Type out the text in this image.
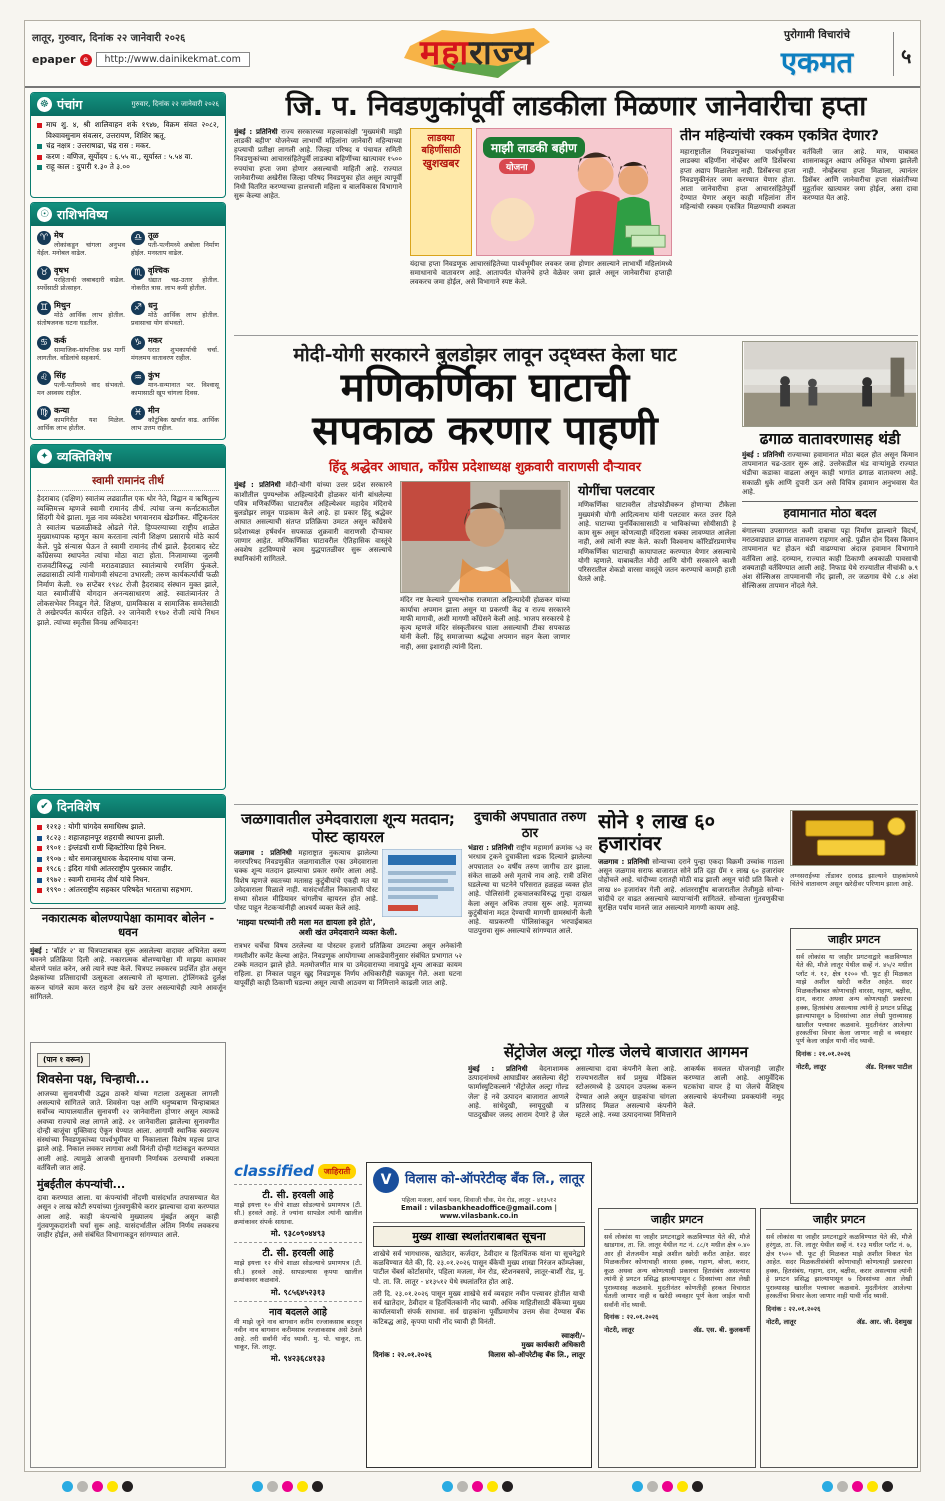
लातूर, गुरुवार, दिनांक २२ जानेवारी २०२६
epaper e	http://www.dainikekmat.com	महाराज्य	पुरोगामी विचारांचे
एकमत	५
☸ पंचांग	गुरुवार, दिनांक २२ जानेवारी २०२६

माघ शु. ४, श्री शालिवाहन शके १९४७, विक्रम संवत २०८२, विश्वावसुनाम संवत्सर, उत्तरायण, शिशिर ऋतू.

चंद्र नक्षत्र : उत्तराषाढा, चंद्र रास : मकर.

करण : वणिज, सूर्योदय : ६.५५ वा., सूर्यास्त : ५.५४ वा.

राहू काल : दुपारी १.३० ते ३.००

☉ राशिभविष्य
♈ मेष
लोकांकडून चांगला अनुभव येईल. मनोबल वाढेल.
♎ तूळ
पती-पत्नीमध्ये अबोला निर्माण होईल. मनस्ताप वाढेल.
♉ वृषभ
परहिताची जबाबदारी वाढेल. स्पर्धेसाठी प्रोत्साहन.
♏ वृश्चिक
धंद्यात चढ-उतार होतील. नोकरीत त्रास. लाभ कमी होतील.
♊ मिथुन
मोठे आर्थिक लाभ होतील. संतोषजनक घटना घडतील.
♐ धनु
मोठे आर्थिक लाभ होतील. प्रवासाचा योग संभवतो.
♋ कर्क
सामाजिक-सांपत्तिक प्रश्न मार्गी लागतील. वडिलांचे सहकार्य.
♑ मकर
घरात शुभकार्याची चर्चा. मंगलमय वातावरण राहील.
♌ सिंह
पत्नी-पतीमध्ये वाद संभवतो. मन अस्वस्थ राहील.
♒ कुंभ
मान-सन्मानात भर. विश्वासू कामासाठी खूप चांगला दिवस.
♍ कन्या
कामगिरीत यश मिळेल. आर्थिक लाभ होतील.
♓ मीन
कौटुंबिक खर्चात वाढ. आर्थिक लाभ उत्तम राहील.
✦ व्यक्तिविशेष
स्वामी रामानंद तीर्थ

हैदराबाद (दक्षिण) स्वातंत्र्य लढ्यातील एक थोर नेते, विद्वान व ऋषितुल्य व्यक्तिमत्त्व म्हणजे स्वामी रामानंद तीर्थ. त्यांचा जन्म कर्नाटकातील सिंदगी येथे झाला. मूळ नाव व्यंकटेश भगवानराव खेडगीकर. मॅट्रिकनंतर ते स्वातंत्र्य चळवळीकडे ओढले गेले. हिप्परग्याच्या राष्ट्रीय शाळेत मुख्याध्यापक म्हणून काम करताना त्यांनी शिक्षण प्रसाराचे मोठे कार्य केले. पुढे संन्यास घेऊन ते स्वामी रामानंद तीर्थ झाले. हैदराबाद स्टेट काँग्रेसच्या स्थापनेत त्यांचा मोठा वाटा होता. निजामाच्या जुलमी राजवटीविरुद्ध त्यांनी मराठवाड्यात स्वातंत्र्याचे रणशिंग फुंकले. लढ्यासाठी त्यांनी गावोगावी संघटना उभारली; तरुण कार्यकर्त्यांची फळी निर्माण केली. १७ सप्टेंबर १९४८ रोजी हैदराबाद संस्थान मुक्त झाले, यात स्वामीजींचे योगदान अनन्यसाधारण आहे. स्वातंत्र्यानंतर ते लोकसभेवर निवडून गेले. शिक्षण, ग्रामविकास व सामाजिक समतेसाठी ते अखेरपर्यंत कार्यरत राहिले. २२ जानेवारी १९७२ रोजी त्यांचे निधन झाले. त्यांच्या स्मृतीस विनम्र अभिवादन!

✔ दिनविशेष

१२१३ : योगी चांगदेव समाधिस्थ झाले.

१८२३ : शहाजहानपूर शहराची स्थापना झाली.

१९०१ : इंग्लंडची राणी व्हिक्टोरिया हिचे निधन.

१९०७ : थोर समाजसुधारक केदारनाथ यांचा जन्म.

१९८६ : इंदिरा गांधी आंतरराष्ट्रीय पुरस्कार जाहीर.

१९७२ : स्वामी रामानंद तीर्थ यांचे निधन.

१९९० : आंतरराष्ट्रीय सहकार परिषदेत भारताचा सहभाग.

नकारात्मक बोलण्यापेक्षा कामावर बोलेन - धवन

मुंबई : 'बॉर्डर २' या चित्रपटाबाबत सुरू असलेल्या वादावर अभिनेता वरुण धवनने प्रतिक्रिया दिली आहे. नकारात्मक बोलण्यापेक्षा मी माझ्या कामावर बोलणे पसंत करेन, असे त्याने स्पष्ट केले. चित्रपट लवकरच प्रदर्शित होत असून प्रेक्षकांच्या प्रतिसादाची उत्सुकता असल्याचे तो म्हणाला. ट्रोलिंगकडे दुर्लक्ष करून चांगले काम करत राहणे हेच खरे उत्तर असल्याचेही त्याने आवर्जून सांगितले.

(पान १ वरून)
शिवसेना पक्ष, चिन्हाची...

आजच्या सुनावणीची उद्धव ठाकरे यांच्या गटाला उत्सुकता लागली असल्याचे सांगितले जाते. शिवसेना पक्ष आणि धनुष्यबाण चिन्हाबाबत सर्वोच्च न्यायालयातील सुनावणी २२ जानेवारीला होणार असून त्याकडे अवघ्या राज्याचे लक्ष लागले आहे. २१ जानेवारीला झालेल्या सुनावणीत दोन्ही बाजूंचा युक्तिवाद ऐकून घेण्यात आला. आगामी स्थानिक स्वराज्य संस्थांच्या निवडणुकांच्या पार्श्वभूमीवर या निकालाला विशेष महत्त्व प्राप्त झाले आहे. निकाल लवकर लागावा अशी विनंती दोन्ही गटांकडून करण्यात आली आहे. त्यामुळे आजची सुनावणी निर्णायक ठरण्याची शक्यता वर्तविली जात आहे.

मुंबईतील कंपन्यांची...

दावा करण्यात आला. या कंपन्यांची नोंदणी यासंदर्भात तपासण्यात येत असून २ लाख कोटी रुपयांच्या गुंतवणुकीचे करार झाल्याचा दावा करण्यात आला आहे. काही कंपन्यांचे मुख्यालय मुंबईत असून काही गुंतवणूकदारांशी चर्चा सुरू आहे. यासंदर्भातील अंतिम निर्णय लवकरच जाहीर होईल, असे संबंधित विभागाकडून सांगण्यात आले.

जि. प. निवडणुकांपूर्वी लाडकीला मिळणार जानेवारीचा हप्ता

मुंबई : प्रतिनिधी राज्य सरकारच्या महत्त्वाकांक्षी 'मुख्यमंत्री माझी लाडकी बहीण' योजनेच्या लाभार्थी महिलांना जानेवारी महिन्याच्या हप्त्याची प्रतीक्षा लागली आहे. जिल्हा परिषद व पंचायत समिती निवडणुकांच्या आचारसंहितेपूर्वी लाडक्या बहिणींच्या खात्यावर १५०० रुपयांचा हप्ता जमा होणार असल्याची माहिती आहे. राज्यात जानेवारीच्या अखेरीस जिल्हा परिषद निवडणुका होत असून त्यापूर्वी निधी वितरित करण्याच्या हालचाली महिला व बालविकास विभागाने सुरू केल्या आहेत.

लाडक्या बहिणींसाठी
खुशखबर
माझी लाडकी बहीण
योजना

यंदाचा हप्ता निवडणूक आचारसंहितेच्या पार्श्वभूमीवर लवकर जमा होणार असल्याने लाभार्थी महिलांमध्ये समाधानाचे वातावरण आहे. आतापर्यंत योजनेचे हप्ते वेळेवर जमा झाले असून जानेवारीचा हप्ताही लवकरच जमा होईल, असे विभागाने स्पष्ट केले.

तीन महिन्यांची रक्कम एकत्रित देणार?

महाराष्ट्रातील निवडणुकांच्या पार्श्वभूमीवर लाडक्या बहिणींना नोव्हेंबर आणि डिसेंबरचा हप्ता अद्याप मिळालेला नाही. डिसेंबरचा हप्ता निवडणुकीनंतर जमा करण्यात येणार होता. आता जानेवारीचा हप्ता आचारसंहितेपूर्वी देण्यात येणार असून काही महिलांना तीन महिन्यांची रक्कम एकत्रित मिळण्याची शक्यता वर्तविली जात आहे. मात्र, याबाबत शासनाकडून अद्याप अधिकृत घोषणा झालेली नाही. नोव्हेंबरचा हप्ता मिळाला, त्यानंतर डिसेंबर आणि जानेवारीचा हप्ता संक्रांतीच्या मुहूर्तावर खात्यावर जमा होईल, असा दावा करण्यात येत आहे.

मोदी-योगी सरकारने बुलडोझर लावून उद्ध्वस्त केला घाट
मणिकर्णिका घाटाची
सपकाळ करणार पाहणी
हिंदू श्रद्धेवर आघात, काँग्रेस प्रदेशाध्यक्ष शुक्रवारी वाराणसी दौऱ्यावर

मुंबई : प्रतिनिधी मोदी-योगी यांच्या उत्तर प्रदेश सरकारने काशीतील पुण्यश्लोक अहिल्यादेवी होळकर यांनी बांधलेल्या पवित्र मणिकर्णिका घाटावरील अहिल्येश्वर महादेव मंदिराचे बुलडोझर लावून पाडकाम केले आहे. हा प्रकार हिंदू श्रद्धेवर आघात असल्याची संतप्त प्रतिक्रिया उमटत असून काँग्रेसचे प्रदेशाध्यक्ष हर्षवर्धन सपकाळ शुक्रवारी वाराणसी दौऱ्यावर जाणार आहेत. मणिकर्णिका घाटावरील ऐतिहासिक वास्तूंचे अवशेष हटविण्याचे काम युद्धपातळीवर सुरू असल्याचे स्थानिकांनी सांगितले.

मंदिर नष्ट केल्याने पुण्यश्लोक राजमाता अहिल्यादेवी होळकर यांच्या कार्याचा अपमान झाला असून या प्रकरणी केंद्र व राज्य सरकारने माफी मागावी, अशी मागणी काँग्रेसने केली आहे. भाजप सरकारचे हे कृत्य म्हणजे मंदिर संस्कृतीवरच घाला असल्याची टीका सपकाळ यांनी केली. हिंदू समाजाच्या श्रद्धेचा अपमान सहन केला जाणार नाही, असा इशाराही त्यांनी दिला.

योगींचा पलटवार

मणिकर्णिका घाटावरील तोडफोडीवरून होणाऱ्या टीकेला मुख्यमंत्री योगी आदित्यनाथ यांनी पलटवार करत उत्तर दिले आहे. घाटाच्या पुनर्विकासासाठी व भाविकांच्या सोयीसाठी हे काम सुरू असून कोणत्याही मंदिराला धक्का लावण्यात आलेला नाही, असे त्यांनी स्पष्ट केले. काशी विश्वनाथ कॉरिडॉरप्रमाणेच मणिकर्णिका घाटाचाही कायापालट करण्यात येणार असल्याचे योगी म्हणाले. याबाबतीत मोदी आणि योगी सरकारने काशी परिसरातील शेकडो वारसा वास्तूंचे जतन करण्याचे कामही हाती घेतले आहे.

ढगाळ वातावरणासह थंडी

मुंबई : प्रतिनिधी राज्याच्या हवामानात मोठा बदल होत असून किमान तापमानात चढ-उतार सुरू आहे. उत्तरेकडील थंड वाऱ्यांमुळे राज्यात थंडीचा कडाका वाढला असून काही भागांत ढगाळ वातावरण आहे. सकाळी धुके आणि दुपारी ऊन असे विचित्र हवामान अनुभवास येत आहे.

हवामानात मोठा बदल

बंगालच्या उपसागरात कमी दाबाचा पट्टा निर्माण झाल्याने विदर्भ, मराठवाड्यात ढगाळ वातावरण राहणार आहे. पुढील दोन दिवस किमान तापमानात घट होऊन थंडी वाढण्याचा अंदाज हवामान विभागाने वर्तविला आहे. दरम्यान, राज्यात काही ठिकाणी अवकाळी पावसाची शक्यताही वर्तविण्यात आली आहे. निफाड येथे राज्यातील नीचांकी ७.९ अंश सेल्सिअस तापमानाची नोंद झाली, तर जळगाव येथे ८.४ अंश सेल्सिअस तापमान नोंदले गेले.

जळगावातील उमेदवाराला शून्य मतदान; पोस्ट व्हायरल

जळगाव : प्रतिनिधी महाराष्ट्रात नुकत्याच झालेल्या नगरपरिषद निवडणुकीत जळगावातील एका उमेदवाराला चक्क शून्य मतदान झाल्याचा प्रकार समोर आला आहे. विशेष म्हणजे स्वतःच्या मतासह कुटुंबीयांचे एकही मत या उमेदवाराला मिळाले नाही. यासंदर्भातील निकालाची पोस्ट सध्या सोशल मीडियावर चांगलीच व्हायरल होत आहे. पोस्ट पाहून नेटकऱ्यांनीही आश्चर्य व्यक्त केले आहे.

'माझ्या घरच्यांनी तरी मला मत द्यायला हवे होते', अशी खंत उमेदवाराने व्यक्त केली.

रात्रभर चर्चेचा विषय ठरलेल्या या पोस्टवर हजारो प्रतिक्रिया उमटल्या असून अनेकांनी गमतीशीर कमेंट केल्या आहेत. निवडणूक आयोगाच्या आकडेवारीनुसार संबंधित प्रभागात ५२ टक्के मतदान झाले होते. मतमोजणीत मात्र या उमेदवाराच्या नावापुढे शून्य आकडा कायम राहिला. हा निकाल पाहून खुद्द निवडणूक निर्णय अधिकारीही चक्रावून गेले. अशा घटना यापूर्वीही काही ठिकाणी घडल्या असून त्याची आठवण या निमित्ताने काढली जात आहे.

दुचाकी अपघातात तरुण ठार

भंडारा : प्रतिनिधी राष्ट्रीय महामार्ग क्रमांक ५३ वर भरधाव ट्रकने दुचाकीला धडक दिल्याने झालेल्या अपघातात २० वर्षीय तरुण जागीच ठार झाला. संकेत साळवे असे मृताचे नाव आहे. रात्री उशिरा घडलेल्या या घटनेने परिसरात हळहळ व्यक्त होत आहे. पोलिसांनी ट्रकचालकाविरुद्ध गुन्हा दाखल केला असून अधिक तपास सुरू आहे. मृताच्या कुटुंबीयांना मदत देण्याची मागणी ग्रामस्थांनी केली आहे. याप्रकरणी पोलिसांकडून भरपाईबाबत पाठपुरावा सुरू असल्याचे सांगण्यात आले.

सोने १ लाख ६० हजारांवर

जळगाव : प्रतिनिधी सोन्याच्या दराने पुन्हा एकदा विक्रमी उच्चांक गाठला असून जळगाव सराफ बाजारात सोने प्रति दहा ग्रॅम १ लाख ६० हजारांवर पोहोचले आहे. चांदीच्या दरातही मोठी वाढ झाली असून चांदी प्रति किलो २ लाख ४० हजारांवर गेली आहे. आंतरराष्ट्रीय बाजारातील तेजीमुळे सोन्या-चांदीचे दर वाढत असल्याचे व्यापाऱ्यांनी सांगितले. सोन्याला गुंतवणुकीचा सुरक्षित पर्याय मानले जात असल्याने मागणी कायम आहे.

लग्नसराईच्या तोंडावर दरवाढ झाल्याने ग्राहकांमध्ये चिंतेचे वातावरण असून खरेदीवर परिणाम झाला आहे.
जाहीर प्रगटन

सर्व लोकांस या जाहीर प्रगटनाद्वारे कळविण्यात येते की, मौजे लातूर येथील सर्व्हे नं. ४५/२ मधील प्लॉट नं. १२, क्षेत्र १२०० चौ. फूट ही मिळकत माझे अशील खरेदी करीत आहेत. सदर मिळकतीबाबत कोणाचाही वारसा, गहाण, बक्षीस, दान, करार अथवा अन्य कोणत्याही प्रकारचा हक्क, हितसंबंध असल्यास त्यांनी हे प्रगटन प्रसिद्ध झाल्यापासून ७ दिवसांच्या आत लेखी पुराव्यासह खालील पत्त्यावर कळवावे. मुदतीनंतर आलेल्या हरकतींचा विचार केला जाणार नाही व व्यवहार पूर्ण केला जाईल याची नोंद घ्यावी.

दिनांक : २१.०१.२०२६

नोटरी, लातूर	अ‍ॅड. दिनकर पाटील
सेंट्रोजेल अल्ट्रा गोल्ड जेलचे बाजारात आगमन

मुंबई : प्रतिनिधी वेदनाशामक उत्पादनांमध्ये आघाडीवर असलेल्या सेंट्रो फार्मास्युटिकल्सने 'सेंट्रोजेल अल्ट्रा गोल्ड जेल' हे नवे उत्पादन बाजारात आणले आहे. सांधेदुखी, स्नायूदुखी व पाठदुखीवर जलद आराम देणारे हे जेल असल्याचा दावा कंपनीने केला आहे. राज्यभरातील सर्व प्रमुख मेडिकल स्टोअरमध्ये हे उत्पादन उपलब्ध करून देण्यात आले असून ग्राहकांचा चांगला प्रतिसाद मिळत असल्याचे कंपनीने म्हटले आहे. नव्या उत्पादनाच्या निमित्ताने आकर्षक सवलत योजनाही जाहीर करण्यात आली आहे. आयुर्वेदिक घटकांचा वापर हे या जेलचे वैशिष्ट्य असल्याचे कंपनीच्या प्रवक्त्यांनी नमूद केले.

classified	जाहिराती
टी. सी. हरवली आहे

माझे इयत्ता १० वीचे शाळा सोडल्याचे प्रमाणपत्र (टी. सी.) हरवले आहे. ते ज्यांना सापडेल त्यांनी खालील क्रमांकावर संपर्क साधावा.

मो. ९३८०९०४४९३
टी. सी. हरवली आहे

माझे इयत्ता १२ वीचे शाळा सोडल्याचे प्रमाणपत्र (टी. सी.) हरवले आहे. सापडल्यास कृपया खालील क्रमांकावर कळवावे.

मो. ९८५६४५२३१३
नाव बदलले आहे

मी माझे जुने नाव बागवान करीम रज्जाकसाब बदलून नवीन नाव बागवान करीमसाब रज्जाकसाब असे ठेवले आहे. तरी सर्वांनी नोंद घ्यावी. मु. पो. चाकूर, ता. चाकूर, जि. लातूर.

मो. ९४२३६८४१३३
V	विलास को-ऑपरेटीव्ह बँक लि., लातूर
पहिला मजला, आर्य भवन, शिवाजी चौक, मेन रोड, लातूर - ४१३५१२
Email : vilasbankheadoffice@gmail.com | www.vilasbank.co.in
मुख्य शाखा स्थलांतराबाबत सूचना

शाखेचे सर्व भागधारक, खातेदार, कर्जदार, ठेवीदार व हितचिंतक यांना या सूचनेद्वारे कळविण्यात येते की, दि. २३.०१.२०२६ पासून बँकेची मुख्य शाखा निरंजन कॉम्प्लेक्स, पाटील चेंबर्स कोर्टासमोर, पहिला मजला, मेन रोड, स्टेशनबसचे, लातूर-बार्शी रोड, मु. पो. ता. जि. लातूर - ४१३५१२ येथे स्थलांतरित होत आहे.

तरी दि. २३.०१.२०२६ पासून मुख्य शाखेचे सर्व व्यवहार नवीन पत्त्यावर होतील याची सर्व खातेदार, ठेवीदार व हितचिंतकांनी नोंद घ्यावी. अधिक माहितीसाठी बँकेच्या मुख्य कार्यालयाशी संपर्क साधावा. सर्व ग्राहकांना पूर्वीप्रमाणेच उत्तम सेवा देण्यास बँक कटिबद्ध आहे, कृपया याची नोंद घ्यावी ही विनंती.

दिनांक : २२.०१.२०२६
स्वाक्षरी/-
मुख्य कार्यकारी अधिकारी
विलास को-ऑपरेटीव्ह बँक लि., लातूर
जाहीर प्रगटन

सर्व लोकांस या जाहीर प्रगटनाद्वारे कळविण्यात येते की, मौजे खाडगाव, ता. जि. लातूर येथील गट नं. ८८/१ मधील क्षेत्र ०.४० आर ही शेतजमीन माझे अशील खरेदी करीत आहेत. सदर मिळकतीवर कोणाचाही वारसा हक्क, गहाण, बोजा, करार, कूळ अथवा अन्य कोणत्याही प्रकारचा हितसंबंध असल्यास त्यांनी हे प्रगटन प्रसिद्ध झाल्यापासून ८ दिवसांच्या आत लेखी पुराव्यासह कळवावे. मुदतीनंतर कोणतीही हरकत विचारात घेतली जाणार नाही व खरेदी व्यवहार पूर्ण केला जाईल याची सर्वांनी नोंद घ्यावी.

दिनांक : २२.०१.२०२६

नोटरी, लातूर	अ‍ॅड. एस. बी. कुलकर्णी
जाहीर प्रगटन

सर्व लोकांस या जाहीर प्रगटनाद्वारे कळविण्यात येते की, मौजे हरंगुळ, ता. जि. लातूर येथील सर्व्हे नं. १२३ मधील प्लॉट नं. ७, क्षेत्र १५०० चौ. फूट ही मिळकत माझे अशील विकत घेत आहेत. सदर मिळकतीसंबंधी कोणाचाही कोणत्याही प्रकारचा हक्क, हितसंबंध, गहाण, दान, बक्षीस, करार असल्यास त्यांनी हे प्रगटन प्रसिद्ध झाल्यापासून ७ दिवसांच्या आत लेखी पुराव्यासह खालील पत्त्यावर कळवावे. मुदतीनंतर आलेल्या हरकतींचा विचार केला जाणार नाही याची नोंद घ्यावी.

दिनांक : २२.०१.२०२६

नोटरी, लातूर	अ‍ॅड. आर. जी. देशमुख
